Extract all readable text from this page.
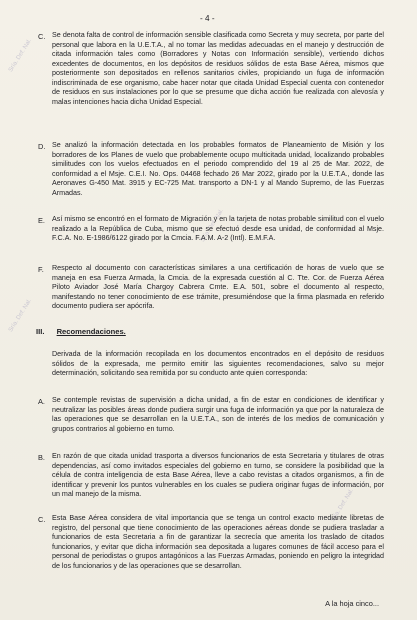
Sría. Def. Nal.
Sría. Def. Nal.
Sría. Def. Nal.
Sría. Def. Nal.
- 4 -
C. Se denota falta de control de información sensible clasificada como Secreta y muy secreta, por parte del personal que labora en la U.E.T.A., al no tomar las medidas adecuadas en el manejo y destrucción de citada información tales como (Borradores y Notas con Información sensible), vertiendo dichos excedentes de documentos, en los depósitos de residuos sólidos de esta Base Aérea, mismos que posteriormente son depositados en rellenos sanitarios civiles, propiciando un fuga de información indiscriminada de ese organismo, cabe hacer notar que citada Unidad Especial cuenta con contenedor de residuos en sus instalaciones por lo que se presume que dicha acción fue realizada con alevosía y malas intenciones hacia dicha Unidad Especial.
D. Se analizó la información detectada en los probables formatos de Planeamiento de Misión y los borradores de los Planes de vuelo que probablemente ocupo multicitada unidad, localizando probables similitudes con los vuelos efectuados en el periodo comprendido del 19 al 25 de Mar. 2022, de conformidad a el Msje. C.E.I. No. Ops. 04468 fechado 26 Mar 2022, girado por la U.E.T.A., donde las Aeronaves G-450 Mat. 3915 y EC-725 Mat. transporto a DN-1 y al Mando Supremo, de las Fuerzas Armadas.
E. Así mismo se encontró en el formato de Migración y en la tarjeta de notas probable similitud con el vuelo realizado a la República de Cuba, mismo que se efectuó desde esa unidad, de conformidad al Msje. F.C.A. No. E-1986/6122 girado por la Cmcia. F.A.M. A-2 (Intl). E.M.F.A.
F. Respecto al documento con características similares a una certificación de horas de vuelo que se maneja en esa Fuerza Armada, la Cmcia. de la expresada cuestión al C. Tte. Cor. de Fuerza Aérea Piloto Aviador José María Chargoy Cabrera Cmte. E.A. 501, sobre el documento al respecto, manifestando no tener conocimiento de ese trámite, presumiéndose que la firma plasmada en referido documento pudiera ser apócrifa.
III. Recomendaciones.
Derivada de la información recopilada en los documentos encontrados en el depósito de residuos sólidos de la expresada, me permito emitir las siguientes recomendaciones, salvo su mejor determinación, solicitando sea remitida por su conducto ante quien corresponda:
A. Se contemple revistas de supervisión a dicha unidad, a fin de estar en condiciones de identificar y neutralizar las posibles áreas donde pudiera surgir una fuga de información ya que por la naturaleza de las operaciones que se desarrollan en la U.E.T.A., son de interés de los medios de comunicación y grupos contrarios al gobierno en turno.
B. En razón de que citada unidad trasporta a diversos funcionarios de esta Secretaria y titulares de otras dependencias, así como invitados especiales del gobierno en turno, se considere la posibilidad que la célula de contra inteligencia de esta Base Aérea, lleve a cabo revistas a citados organismos, a fin de identificar y prevenir los puntos vulnerables en los cuales se pudiera originar fugas de información, por un mal manejo de la misma.
C. Esta Base Aérea considera de vital importancia que se tenga un control exacto mediante libretas de registro, del personal que tiene conocimiento de las operaciones aéreas donde se pudiera trasladar a funcionarios de esta Secretaria a fin de garantizar la secrecía que amerita los traslado de citados funcionarios, y evitar que dicha información sea depositada a lugares comunes de fácil acceso para el personal de periodistas o grupos antagónicos a las Fuerzas Armadas, poniendo en peligro la integridad de los funcionarios y de las operaciones que se desarrollan.
A la hoja cinco...
